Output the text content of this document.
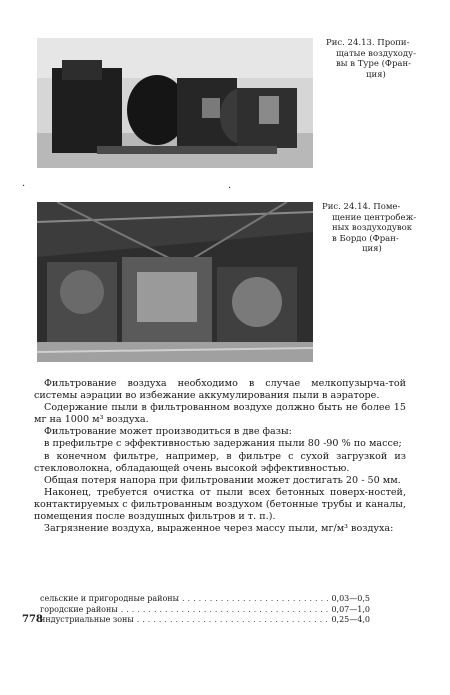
Рис. 24.13. Пропи-
щатые воздуходу-
вы в Туре (Фран-
ция)
.
.
Рис. 24.14. Поме-
щение центробеж-
ных воздуходувок
в Бордо (Фран-
ция)

Фильтрование воздуха необходимо в случае мелкопузырча-той системы аэрации во избежание аккумулирования пыли в аэраторе.

Содержание пыли в фильтрованном воздухе должно быть не более 15 мг на 1000 м³ воздуха.

Фильтрование может производиться в две фазы:

в префильтре с эффективностью задержания пыли 80 -90 % по массе;

в конечном фильтре, например, в фильтре с сухой загрузкой из стекловолокна, обладающей очень высокой эффективностью.

Общая потеря напора при фильтровании может достигать 20 - 50 мм.

Наконец, требуется очистка от пыли всех бетонных поверх-ностей, контактируемых с фильтрованным воздухом (бетонные трубы и каналы, помещения после воздушных фильтров и т. п.).

Загрязнение воздуха, выраженное через массу пыли, мг/м³ воздуха:

сельские и пригородные районы .....	0,03—0,5
городские районы .....	0,07—1,0
индустриальные зоны .....	0,25—4,0
778
